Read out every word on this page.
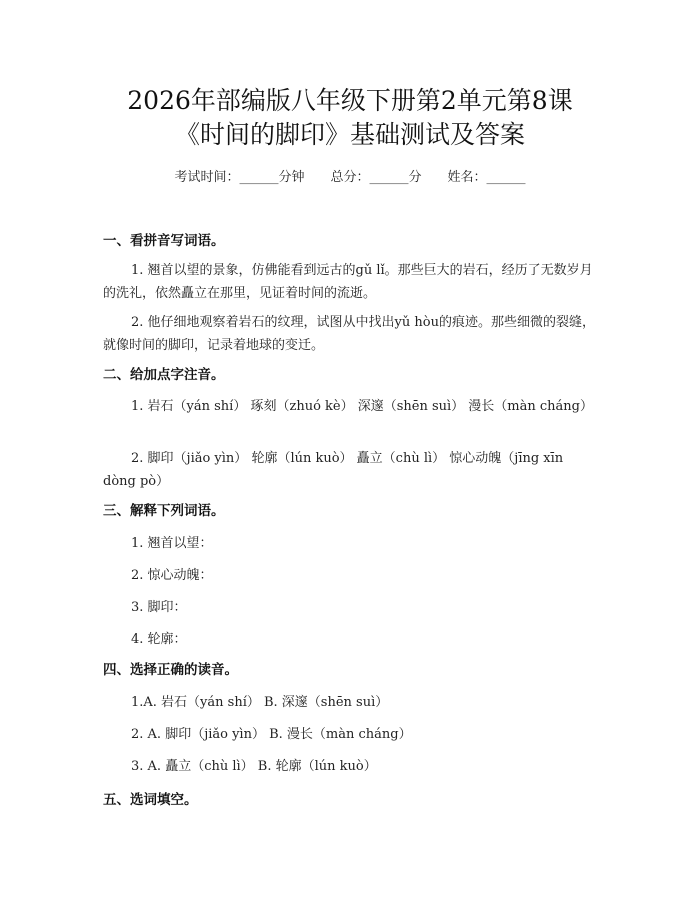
2026年部编版八年级下册第2单元第8课
《时间的脚印》基础测试及答案
考试时间：______分钟　　总分：______分　　姓名：______
一、看拼音写词语。
1. 翘首以望的景象，仿佛能看到远古的gǔ lǐ。那些巨大的岩石，经历了无数岁月的洗礼，依然矗立在那里，见证着时间的流逝。
2. 他仔细地观察着岩石的纹理，试图从中找出yǔ hòu的痕迹。那些细微的裂缝，就像时间的脚印，记录着地球的变迁。
二、给加点字注音。
1. 岩石（yán shí） 琢刻（zhuó kè） 深邃（shēn suì） 漫长（màn cháng）
2. 脚印（jiǎo yìn） 轮廓（lún kuò） 矗立（chù lì） 惊心动魄（jīng xīn dòng pò）
三、解释下列词语。
1. 翘首以望：
2. 惊心动魄：
3. 脚印：
4. 轮廓：
四、选择正确的读音。
1.A. 岩石（yán shí） B. 深邃（shēn suì）
2. A. 脚印（jiǎo yìn） B. 漫长（màn cháng）
3. A. 矗立（chù lì） B. 轮廓（lún kuò）
五、选词填空。
